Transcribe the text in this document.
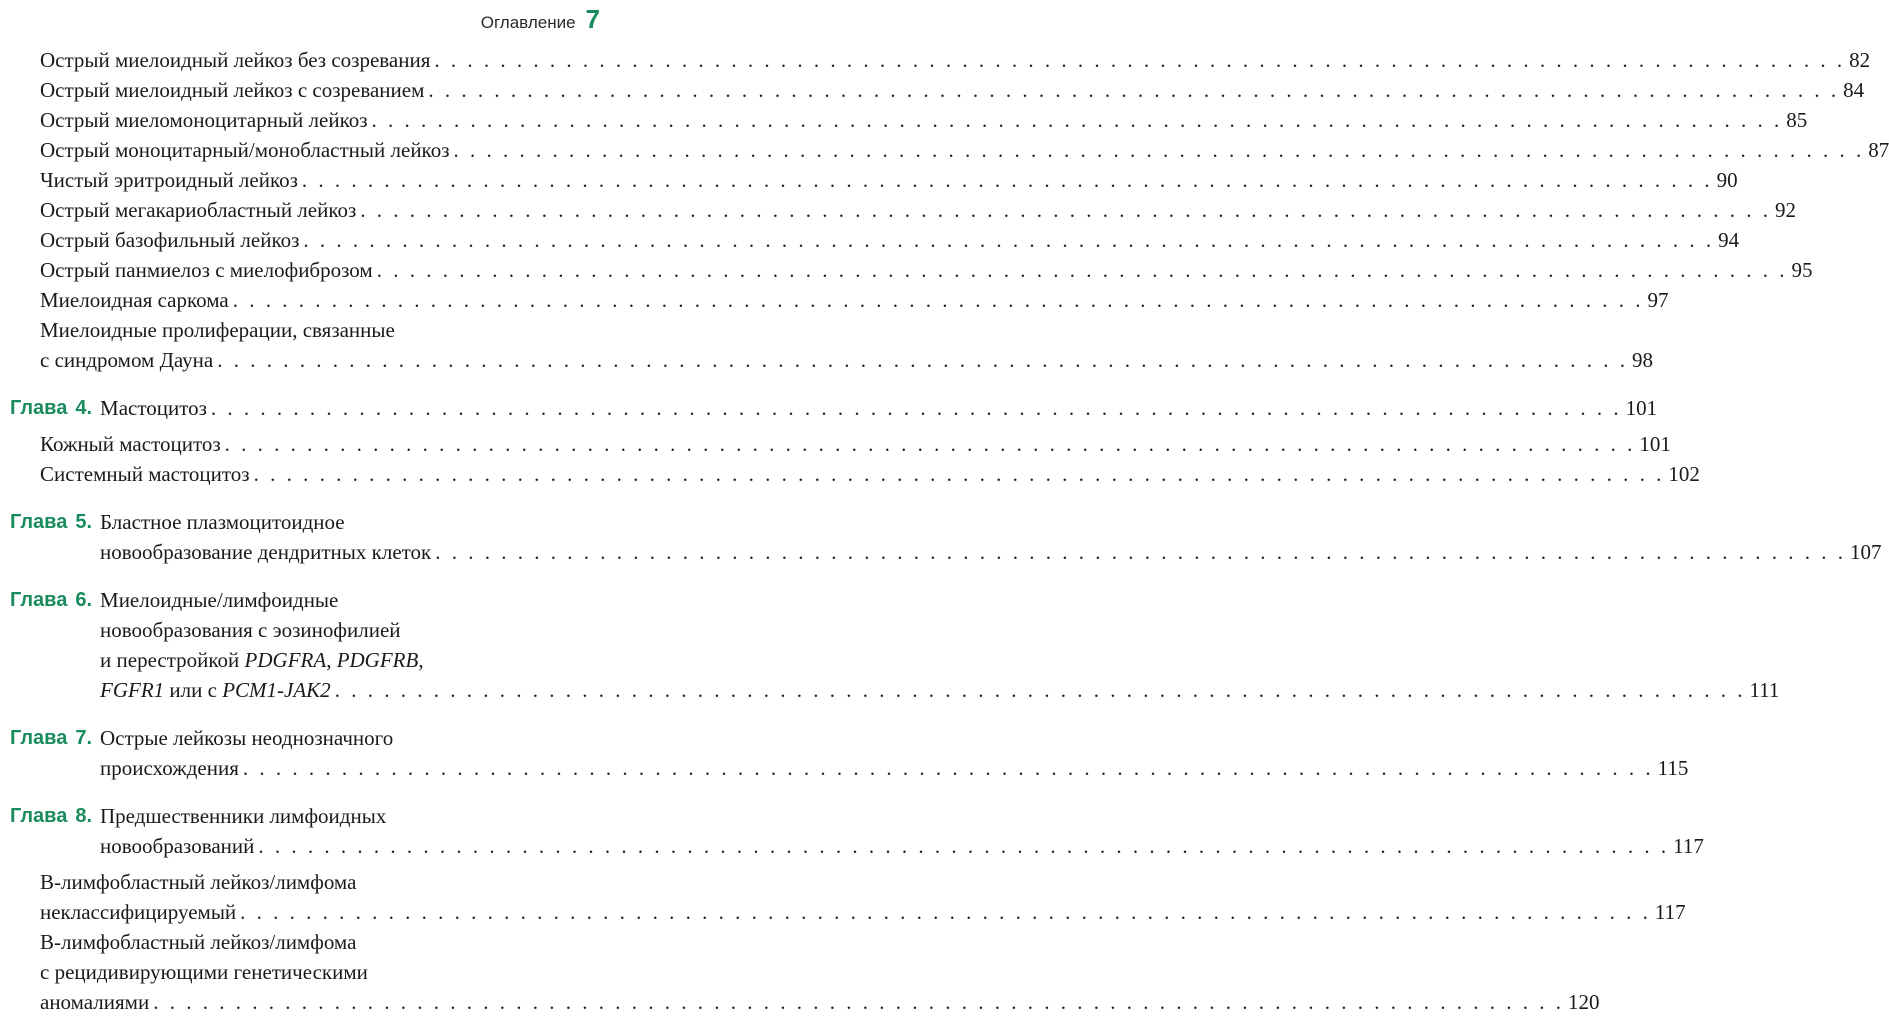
Оглавление 7
Острый миелоидный лейкоз без созревания . . .	82
Острый миелоидный лейкоз с созреванием . . .	84
Острый миеломоноцитарный лейкоз . . .	85
Острый моноцитарный/монобластный лейкоз . . .	87
Чистый эритроидный лейкоз . . .	90
Острый мегакариобластный лейкоз . . .	92
Острый базофильный лейкоз . . .	94
Острый панмиелоз с миелофиброзом . . .	95
Миелоидная саркома . . .	97
Миелоидные пролиферации, связанные
с синдромом Дауна . . .	98
Глава 4. Мастоцитоз . . .	101
Кожный мастоцитоз . . .	101
Системный мастоцитоз . . .	102
Глава 5. Бластное плазмоцитоидное
новообразование дендритных клеток . . .	107
Глава 6. Миелоидные/лимфоидные
новообразования с эозинофилией
и перестройкой PDGFRA, PDGFRB,
FGFR1 или с PCM1-JAK2 . . .	111
Глава 7. Острые лейкозы неоднозначного
происхождения . . .	115
Глава 8. Предшественники лимфоидных
новообразований . . .	117
В-лимфобластный лейкоз/лимфома
неклассифицируемый . . .	117
В-лимфобластный лейкоз/лимфома
с рецидивирующими генетическими
аномалиями . . .	120
